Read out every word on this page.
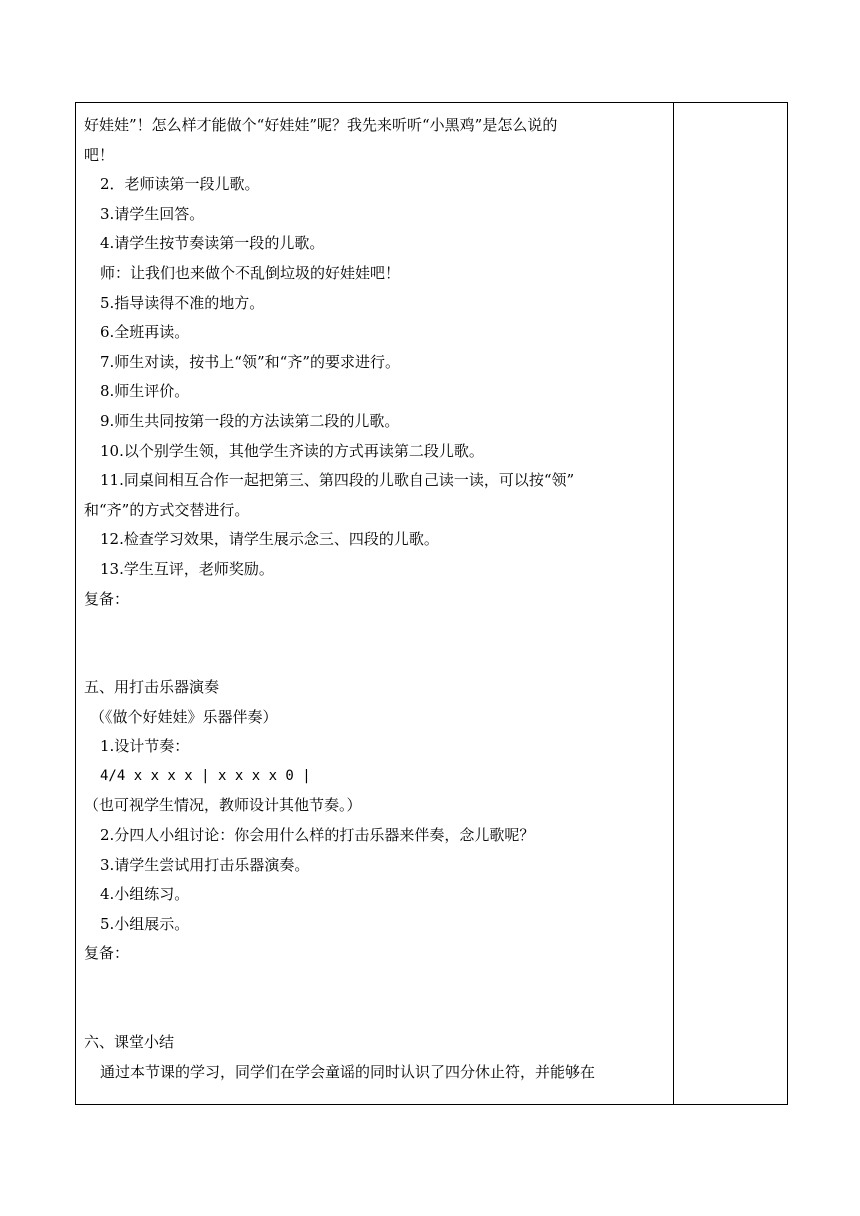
好娃娃”！怎么样才能做个“好娃娃”呢？我先来听听“小黑鸡”是怎么说的
吧！
2．老师读第一段儿歌。
3.请学生回答。
4.请学生按节奏读第一段的儿歌。
师：让我们也来做个不乱倒垃圾的好娃娃吧！
5.指导读得不准的地方。
6.全班再读。
7.师生对读，按书上“领”和“齐”的要求进行。
8.师生评价。
9.师生共同按第一段的方法读第二段的儿歌。
10.以个别学生领，其他学生齐读的方式再读第二段儿歌。
11.同桌间相互合作一起把第三、第四段的儿歌自己读一读，可以按“领”
和“齐”的方式交替进行。
12.检查学习效果，请学生展示念三、四段的儿歌。
13.学生互评，老师奖励。
复备：
五、用打击乐器演奏
（《做个好娃娃》乐器伴奏）
1.设计节奏：
4/4 x x x x | x x x x 0 |
（也可视学生情况，教师设计其他节奏。）
2.分四人小组讨论：你会用什么样的打击乐器来伴奏，念儿歌呢？
3.请学生尝试用打击乐器演奏。
4.小组练习。
5.小组展示。
复备：
六、课堂小结
通过本节课的学习，同学们在学会童谣的同时认识了四分休止符，并能够在
